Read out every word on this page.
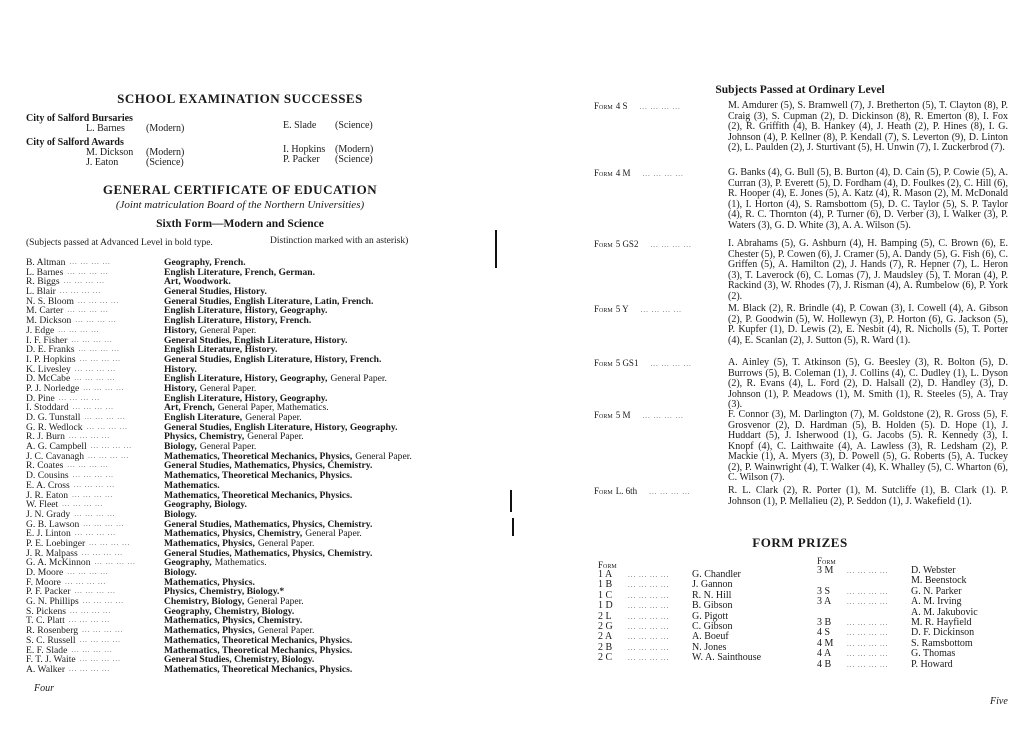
SCHOOL EXAMINATION SUCCESSES
City of Salford Bursaries
L. Barnes (Modern)	E. Slade (Science)
City of Salford Awards
M. Dickson (Modern)
J. Eaton	(Science)
I. Hopkins (Modern)
P. Packer (Science)
GENERAL CERTIFICATE OF EDUCATION
(Joint matriculation Board of the Northern Universities)
Sixth Form—Modern and Science
(Subjects passed at Advanced Level in bold type.	Distinction marked with an asterisk)
B. Altman ... ... ... ...	Geography, French.
L. Barnes ... ... ... ...	English Literature, French, German.
R. Biggs ... ... ... ...	Art, Woodwork.
L. Blair ... ... ... ...	General Studies, History.
N. S. Bloom ... ... ... ...	General Studies, English Literature, Latin, French.
M. Carter ... ... ... ...	English Literature, History, Geography.
M. Dickson ... ... ... ...	English Literature, History, French.
J. Edge ... ... ... ...	History, General Paper.
I. F. Fisher ... ... ... ...	General Studies, English Literature, History.
D. E. Franks ... ... ... ...	English Literature, History.
I. P. Hopkins ... ... ... ...	General Studies, English Literature, History, French.
K. Livesley ... ... ... ...	History.
D. McCabe ... ... ... ...	English Literature, History, Geography, General Paper.
P. J. Norledge ... ... ... ...	History, General Paper.
D. Pine ... ... ... ...	English Literature, History, Geography.
I. Stoddard ... ... ... ...	Art, French, General Paper, Mathematics.
D. G. Tunstall ... ... ... ...	English Literature, General Paper.
G. R. Wedlock ... ... ... ...	General Studies, English Literature, History, Geography.
R. J. Burn ... ... ... ...	Physics, Chemistry, General Paper.
A. G. Campbell ... ... ... ...	Biology, General Paper.
J. C. Cavanagh ... ... ... ...	Mathematics, Theoretical Mechanics, Physics, General Paper.
R. Coates ... ... ... ...	General Studies, Mathematics, Physics, Chemistry.
D. Cousins ... ... ... ...	Mathematics, Theoretical Mechanics, Physics.
E. A. Cross ... ... ... ...	Mathematics.
J. R. Eaton ... ... ... ...	Mathematics, Theoretical Mechanics, Physics.
W. Fleet ... ... ... ...	Geography, Biology.
J. N. Grady ... ... ... ...	Biology.
G. B. Lawson ... ... ... ...	General Studies, Mathematics, Physics, Chemistry.
E. J. Linton ... ... ... ...	Mathematics, Physics, Chemistry, General Paper.
P. E. Loebinger ... ... ... ...	Mathematics, Physics, General Paper.
J. R. Malpass ... ... ... ...	General Studies, Mathematics, Physics, Chemistry.
G. A. McKinnon ... ... ... ...	Geography, Mathematics.
D. Moore ... ... ... ...	Biology.
F. Moore ... ... ... ...	Mathematics, Physics.
P. F. Packer ... ... ... ...	Physics, Chemistry, Biology.*
G. N. Phillips ... ... ... ...	Chemistry, Biology, General Paper.
S. Pickens ... ... ... ...	Geography, Chemistry, Biology.
T. C. Platt ... ... ... ...	Mathematics, Physics, Chemistry.
R. Rosenberg ... ... ... ...	Mathematics, Physics, General Paper.
S. C. Russell ... ... ... ...	Mathematics, Theoretical Mechanics, Physics.
E. F. Slade ... ... ... ...	Mathematics, Theoretical Mechanics, Physics.
F. T. J. Waite ... ... ... ...	General Studies, Chemistry, Biology.
A. Walker ... ... ... ...	Mathematics, Theoretical Mechanics, Physics.
Four
Subjects Passed at Ordinary Level
Form 4 S ... ... ... ...	M. Amdurer (5), S. Bramwell (7), J. Bretherton (5), T. Clayton (8), P. Craig (3), S. Cupman (2), D. Dickinson (8), R. Emerton (8), I. Fox (2), R. Griffith (4), B. Hankey (4), J. Heath (2), P. Hines (8), I. G. Johnson (4), P. Kellner (8), P. Kendall (7), S. Leverton (9), D. Linton (2), L. Paulden (2), J. Sturtivant (5), H. Unwin (7), I. Zuckerbrod (7).
Form 4 M ... ... ... ...	G. Banks (4), G. Bull (5), B. Burton (4), D. Cain (5), P. Cowie (5), A. Curran (3), P. Everett (5), D. Fordham (4), D. Foulkes (2), C. Hill (6), R. Hooper (4), E. Jones (5), A. Katz (4), R. Mason (2), M. McDonald (1), I. Horton (4), S. Ramsbottom (5), D. C. Taylor (5), S. P. Taylor (4), R. C. Thornton (4), P. Turner (6), D. Verber (3), I. Walker (3), P. Waters (3), G. D. White (3), A. A. Wilson (5).
Form 5 GS2 ... ... ... ...	I. Abrahams (5), G. Ashburn (4), H. Bamping (5), C. Brown (6), E. Chester (5), P. Cowen (6), J. Cramer (5), A. Dandy (5), G. Fish (6), C. Griffen (5), A. Hamilton (2), J. Hands (7), R. Hepner (7), L. Heron (3), T. Laverock (6), C. Lomas (7), J. Maudsley (5), T. Moran (4), P. Rackind (3), W. Rhodes (7), J. Risman (4), A. Rumbelow (6), P. York (2).
Form 5 Y ... ... ... ...	M. Black (2), R. Brindle (4), P. Cowan (3), I. Cowell (4), A. Gibson (2), P. Goodwin (5), W. Hollewyn (3), P. Horton (6), G. Jackson (5), P. Kupfer (1), D. Lewis (2), E. Nesbit (4), R. Nicholls (5), T. Porter (4), E. Scanlan (2), J. Sutton (5), R. Ward (1).
Form 5 GS1 ... ... ... ...	A. Ainley (5), T. Atkinson (5), G. Beesley (3), R. Bolton (5), D. Burrows (5), B. Coleman (1), J. Collins (4), C. Dudley (1), L. Dyson (2), R. Evans (4), L. Ford (2), D. Halsall (2), D. Handley (3), D. Johnson (1), P. Meadows (1), M. Smith (1), R. Steeles (5), A. Tray (3).
Form 5 M ... ... ... ...	F. Connor (3), M. Darlington (7), M. Goldstone (2), R. Gross (5), F. Grosvenor (2), D. Hardman (5), B. Holden (5). D. Hope (1), J. Huddart (5), J. Isherwood (1), G. Jacobs (5). R. Kennedy (3), I. Knopf (4), C. Laithwaite (4), A. Lawless (3), R. Ledsham (2), P. Mackie (1), A. Myers (3), D. Powell (5), G. Roberts (5), A. Tuckey (2), P. Wainwright (4), T. Walker (4), K. Whalley (5), C. Wharton (6), C. Wilson (7).
Form L. 6th ... ... ... ...	R. L. Clark (2), R. Porter (1), M. Sutcliffe (1), B. Clark (1). P. Johnson (1), P. Mellalieu (2), P. Seddon (1), J. Wakefield (1).
FORM PRIZES
Form
1 A	... ... ... ...	G. Chandler
1 B	... ... ... ...	J. Gannon
1 C	... ... ... ...	R. N. Hill
1 D	... ... ... ...	B. Gibson
2 L	... ... ... ...	G. Pigott
2 G	... ... ... ...	C. Gibson
2 A	... ... ... ...	A. Boeuf
2 B	... ... ... ...	N. Jones
2 C	... ... ... ...	W. A. Sainthouse
Form
3 M	... ... ... ...	D. Webster
M. Beenstock
3 S	... ... ... ...	G. N. Parker
3 A	... ... ... ...	A. M. Irving
A. M. Jakubovic
3 B	... ... ... ...	M. R. Hayfield
4 S	... ... ... ...	D. F. Dickinson
4 M	... ... ... ...	S. Ramsbottom
4 A	... ... ... ...	G. Thomas
4 B	... ... ... ...	P. Howard
Five
